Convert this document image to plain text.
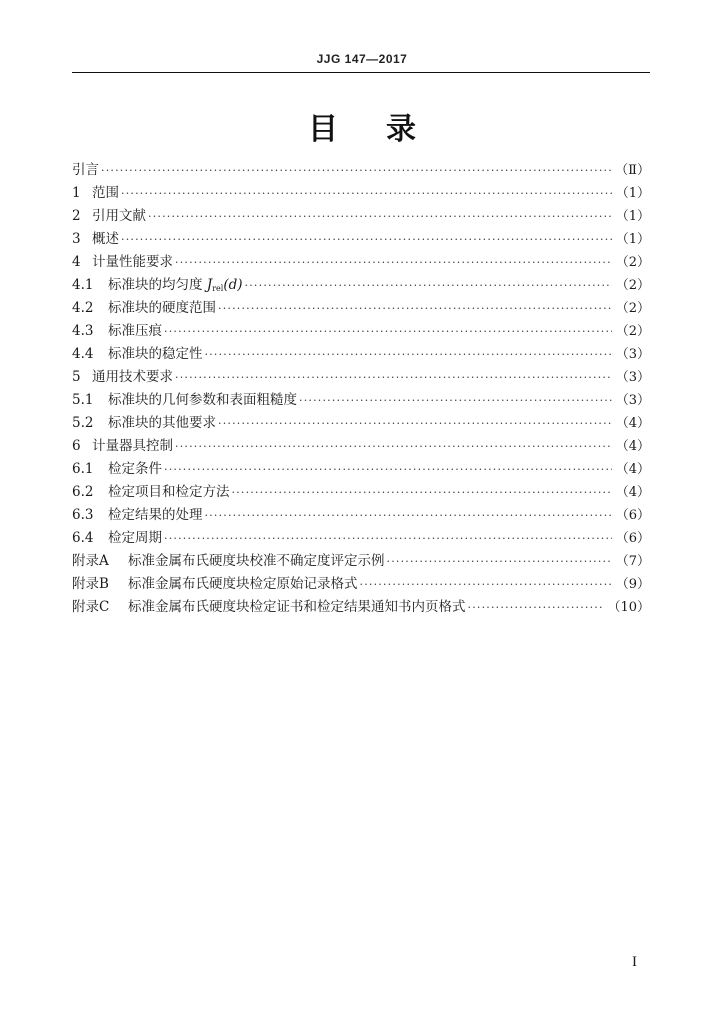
JJG 147—2017
目 录
引言 ·····	（Ⅱ）
1 范围 ·····	（1）
2 引用文献 ·····	（1）
3 概述 ·····	（1）
4 计量性能要求 ·····	（2）
4.1	标准块的均匀度 $J_{rel}(d)$ ·····	（2）
4.2	标准块的硬度范围 ·····	（2）
4.3	标准压痕 ·····	（2）
4.4	标准块的稳定性 ·····	（3）
5 通用技术要求 ·····	（3）
5.1	标准块的几何参数和表面粗糙度 ·····	（3）
5.2	标准块的其他要求 ·····	（4）
6 计量器具控制 ·····	（4）
6.1	检定条件 ·····	（4）
6.2	检定项目和检定方法 ·····	（4）
6.3	检定结果的处理 ·····	（6）
6.4	检定周期 ·····	（6）
附录A	标准金属布氏硬度块校准不确定度评定示例 ·····	（7）
附录B	标准金属布氏硬度块检定原始记录格式 ·····	（9）
附录C	标准金属布氏硬度块检定证书和检定结果通知书内页格式 ·····	（10）
I
